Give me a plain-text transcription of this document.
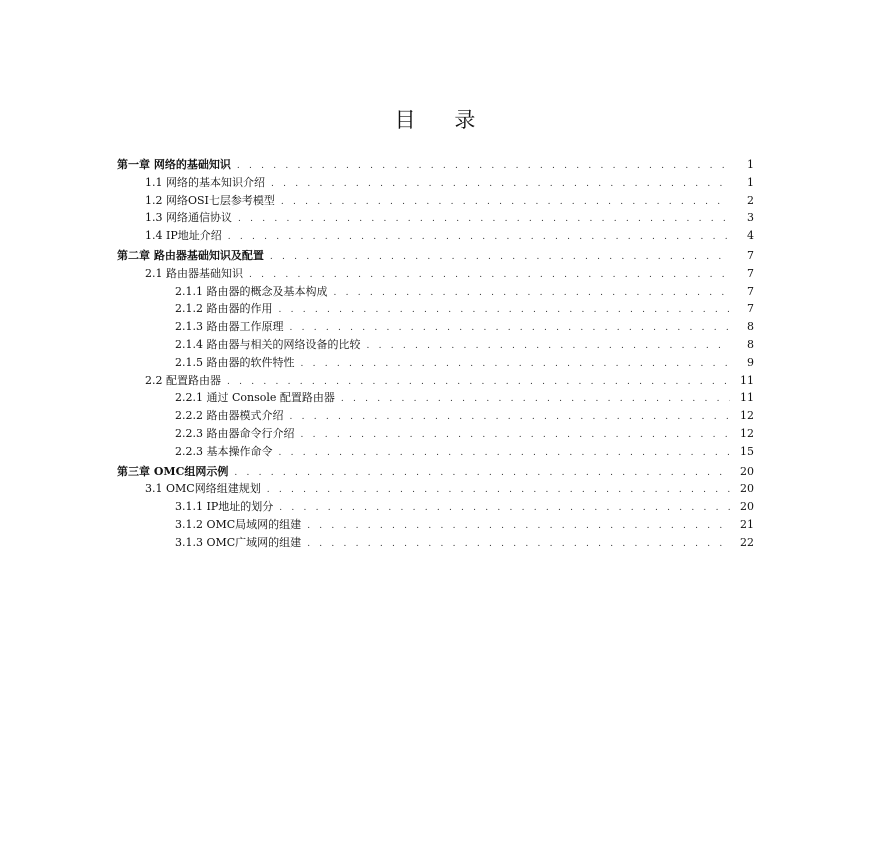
目 录
第一章 网络的基础知识 . . .	1
1.1 网络的基本知识介绍 . . .	1
1.2 网络OSI七层参考模型 . . .	2
1.3 网络通信协议 . . .	3
1.4 IP地址介绍 . . .	4
第二章 路由器基础知识及配置 . . .	7
2.1 路由器基础知识 . . .	7
2.1.1 路由器的概念及基本构成 . . .	7
2.1.2 路由器的作用 . . .	7
2.1.3 路由器工作原理 . . .	8
2.1.4 路由器与相关的网络设备的比较 . . .	8
2.1.5 路由器的软件特性 . . .	9
2.2 配置路由器 . . .	11
2.2.1 通过 Console 配置路由器 . . .	11
2.2.2 路由器模式介绍 . . .	12
2.2.3 路由器命令行介绍 . . .	12
2.2.3 基本操作命令 . . .	15
第三章 OMC组网示例 . . .	20
3.1 OMC网络组建规划 . . .	20
3.1.1 IP地址的划分 . . .	20
3.1.2 OMC局域网的组建 . . .	21
3.1.3 OMC广域网的组建 . . .	22
